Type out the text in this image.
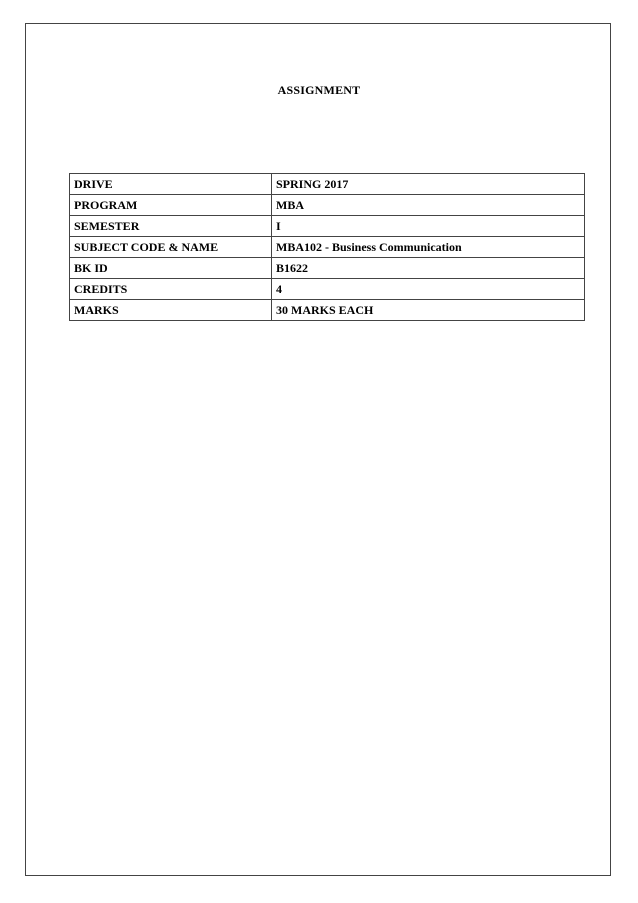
ASSIGNMENT
DRIVE	SPRING 2017
PROGRAM	MBA
SEMESTER	I
SUBJECT CODE & NAME	MBA102 - Business Communication
BK ID	B1622
CREDITS	4
MARKS	30 MARKS EACH
